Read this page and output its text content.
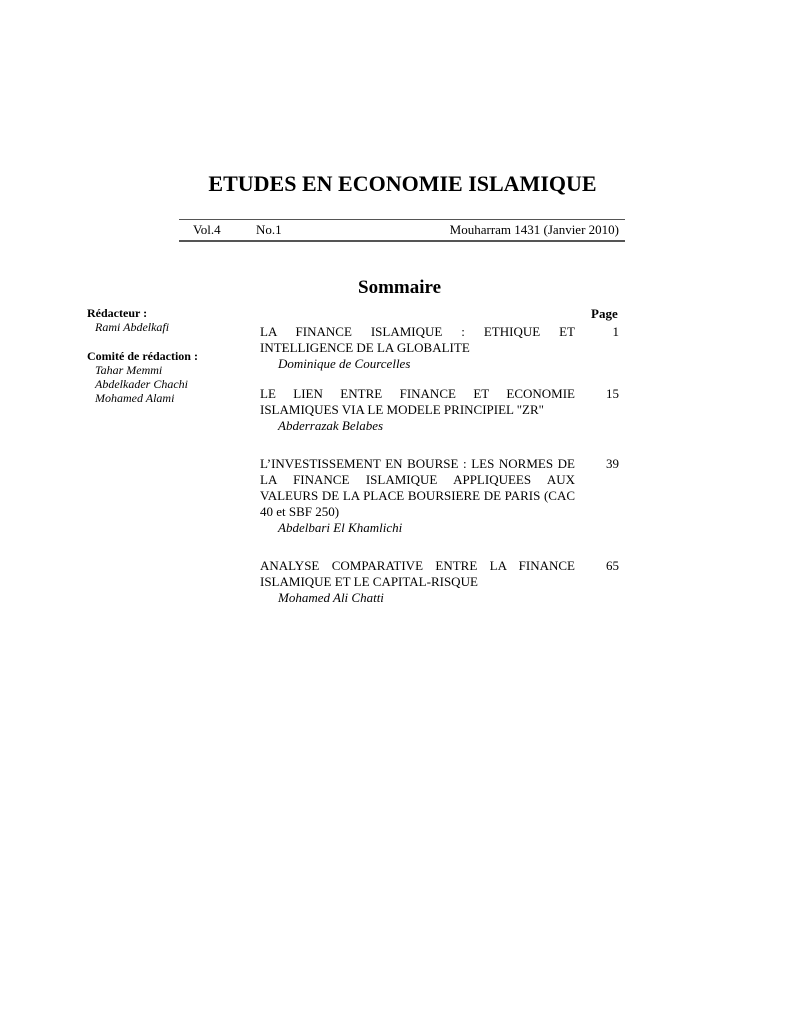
ETUDES EN ECONOMIE ISLAMIQUE
Vol.4	No.1	Mouharram 1431 (Janvier 2010)
Sommaire
Rédacteur :
Rami Abdelkafi
Comité de rédaction :
Tahar Memmi
Abdelkader Chachi
Mohamed Alami
Page
LA FINANCE ISLAMIQUE : ETHIQUE ET INTELLIGENCE DE LA GLOBALITE
Dominique de Courcelles
1
LE LIEN ENTRE FINANCE ET ECONOMIE ISLAMIQUES VIA LE MODELE PRINCIPIEL "ZR"
Abderrazak Belabes
15
L’INVESTISSEMENT EN BOURSE : LES NORMES DE LA FINANCE ISLAMIQUE APPLIQUEES AUX VALEURS DE LA PLACE BOURSIERE DE PARIS (CAC 40 et SBF 250)
Abdelbari El Khamlichi
39
ANALYSE COMPARATIVE ENTRE LA FINANCE ISLAMIQUE ET LE CAPITAL-RISQUE
Mohamed Ali Chatti
65
